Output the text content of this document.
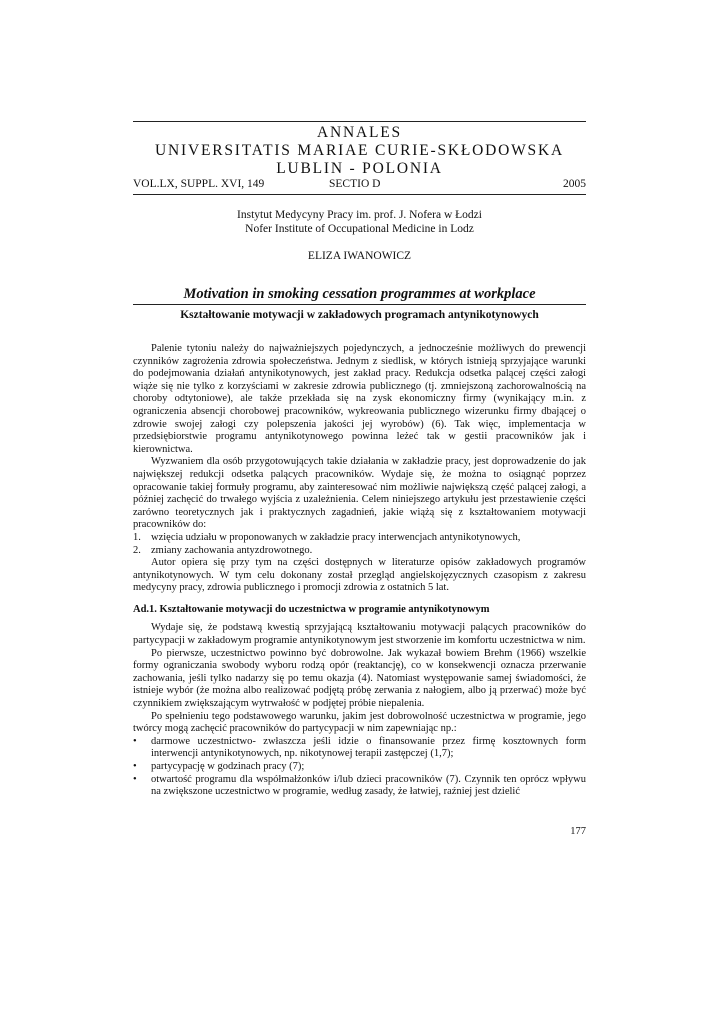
ANNALES
UNIVERSITATIS MARIAE CURIE-SKŁODOWSKA
LUBLIN - POLONIA
VOL.LX, SUPPL. XVI, 149	SECTIO D	2005
Instytut Medycyny Pracy im. prof. J. Nofera w Łodzi
Nofer Institute of Occupational Medicine in Lodz
ELIZA IWANOWICZ
Motivation in smoking cessation programmes at workplace
Kształtowanie motywacji w zakładowych programach antynikotynowych

Palenie tytoniu należy do najważniejszych pojedynczych, a jednocześnie możliwych do prewencji czynników zagrożenia zdrowia społeczeństwa. Jednym z siedlisk, w których istnieją sprzyjające warunki do podejmowania działań antynikotynowych, jest zakład pracy. Redukcja odsetka palącej części załogi wiąże się nie tylko z korzyściami w zakresie zdrowia publicznego (tj. zmniejszoną zachorowalnością na choroby odtytoniowe), ale także przekłada się na zysk ekonomiczny firmy (wynikający m.in. z ograniczenia absencji chorobowej pracowników, wykreowania publicznego wizerunku firmy dbającej o zdrowie swojej załogi czy polepszenia jakości jej wyrobów) (6). Tak więc, implementacja w przedsiębiorstwie programu antynikotynowego powinna leżeć tak w gestii pracowników jak i kierownictwa.

Wyzwaniem dla osób przygotowujących takie działania w zakładzie pracy, jest doprowadzenie do jak największej redukcji odsetka palących pracowników. Wydaje się, że można to osiągnąć poprzez opracowanie takiej formuły programu, aby zainteresować nim możliwie największą część palącej załogi, a później zachęcić do trwałego wyjścia z uzależnienia. Celem niniejszego artykułu jest przestawienie części zarówno teoretycznych jak i praktycznych zagadnień, jakie wiążą się z kształtowaniem motywacji pracowników do:

1. wzięcia udziału w proponowanych w zakładzie pracy interwencjach antynikotynowych,
2. zmiany zachowania antyzdrowotnego.

Autor opiera się przy tym na części dostępnych w literaturze opisów zakładowych programów antynikotynowych. W tym celu dokonany został przegląd angielskojęzycznych czasopism z zakresu medycyny pracy, zdrowia publicznego i promocji zdrowia z ostatnich 5 lat.

Ad.1. Kształtowanie motywacji do uczestnictwa w programie antynikotynowym

Wydaje się, że podstawą kwestią sprzyjającą kształtowaniu motywacji palących pracowników do partycypacji w zakładowym programie antynikotynowym jest stworzenie im komfortu uczestnictwa w nim.

Po pierwsze, uczestnictwo powinno być dobrowolne. Jak wykazał bowiem Brehm (1966) wszelkie formy ograniczania swobody wyboru rodzą opór (reaktancję), co w konsekwencji oznacza przerwanie zachowania, jeśli tylko nadarzy się po temu okazja (4). Natomiast występowanie samej świadomości, że istnieje wybór (że można albo realizować podjętą próbę zerwania z nałogiem, albo ją przerwać) może być czynnikiem zwiększającym wytrwałość w podjętej próbie niepalenia.

Po spełnieniu tego podstawowego warunku, jakim jest dobrowolność uczestnictwa w programie, jego twórcy mogą zachęcić pracowników do partycypacji w nim zapewniając np.:

• darmowe uczestnictwo- zwłaszcza jeśli idzie o finansowanie przez firmę kosztownych form interwencji antynikotynowych, np. nikotynowej terapii zastępczej (1,7);
• partycypację w godzinach pracy (7);
• otwartość programu dla współmałżonków i/lub dzieci pracowników (7). Czynnik ten oprócz wpływu na zwiększone uczestnictwo w programie, według zasady, że łatwiej, raźniej jest dzielić
177
